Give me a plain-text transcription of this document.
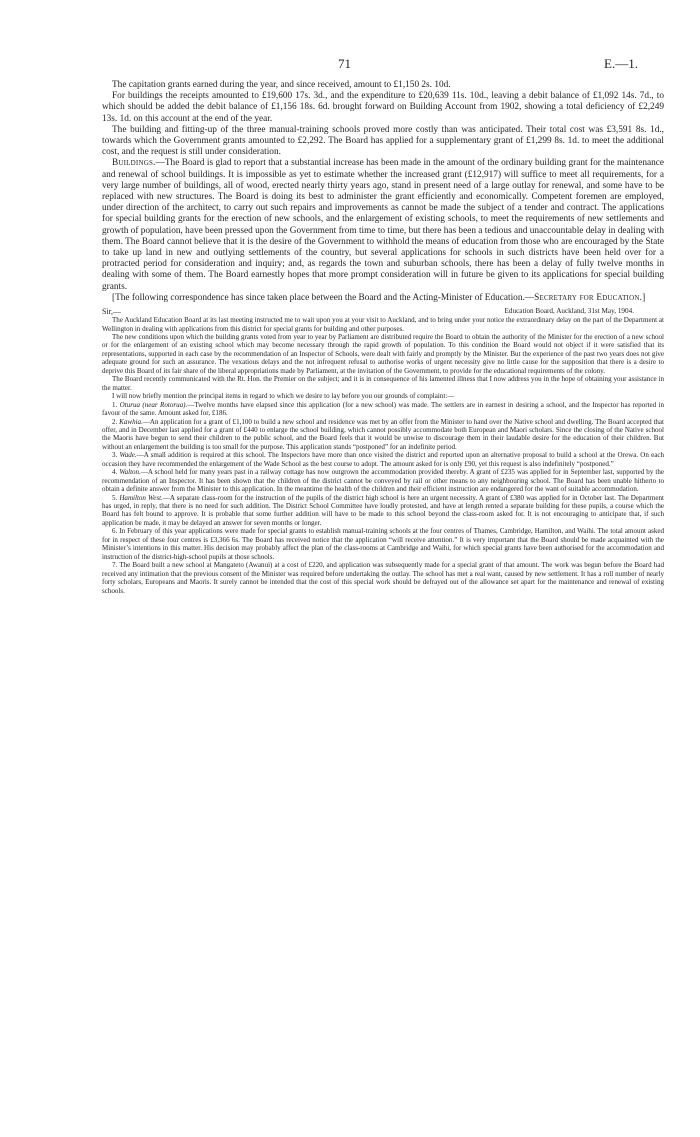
71	E.—1.

The capitation grants earned during the year, and since received, amount to £1,150 2s. 10d.

For buildings the receipts amounted to £19,600 17s. 3d., and the expenditure to £20,639 11s. 10d., leaving a debit balance of £1,092 14s. 7d., to which should be added the debit balance of £1,156 18s. 6d. brought forward on Building Account from 1902, showing a total deficiency of £2,249 13s. 1d. on this account at the end of the year.

The building and fitting-up of the three manual-training schools proved more costly than was anticipated. Their total cost was £3,591 8s. 1d., towards which the Government grants amounted to £2,292. The Board has applied for a supplementary grant of £1,299 8s. 1d. to meet the additional cost, and the request is still under consideration.

Buildings.—The Board is glad to report that a substantial increase has been made in the amount of the ordinary building grant for the maintenance and renewal of school buildings. It is impossible as yet to estimate whether the increased grant (£12,917) will suffice to meet all requirements, for a very large number of buildings, all of wood, erected nearly thirty years ago, stand in present need of a large outlay for renewal, and some have to be replaced with new structures. The Board is doing its best to administer the grant efficiently and economically. Competent foremen are employed, under direction of the architect, to carry out such repairs and improvements as cannot be made the subject of a tender and contract. The applications for special building grants for the erection of new schools, and the enlargement of existing schools, to meet the requirements of new settlements and growth of population, have been pressed upon the Government from time to time, but there has been a tedious and unaccountable delay in dealing with them. The Board cannot believe that it is the desire of the Government to withhold the means of education from those who are encouraged by the State to take up land in new and outlying settlements of the country, but several applications for schools in such districts have been held over for a protracted period for consideration and inquiry; and, as regards the town and suburban schools, there has been a delay of fully twelve months in dealing with some of them. The Board earnestly hopes that more prompt consideration will in future be given to its applications for special building grants.

[The following correspondence has since taken place between the Board and the Acting-Minister of Education.—Secretary for Education.]

Sir,—	Education Board, Auckland, 31st May, 1904.

The Auckland Education Board at its last meeting instructed me to wait upon you at your visit to Auckland, and to bring under your notice the extraordinary delay on the part of the Department at Wellington in dealing with applications from this district for special grants for building and other purposes.

The new conditions upon which the building grants voted from year to year by Parliament are distributed require the Board to obtain the authority of the Minister for the erection of a new school or for the enlargement of an existing school which may become necessary through the rapid growth of population. To this condition the Board would not object if it were satisfied that its representations, supported in each case by the recommendation of an Inspector of Schools, were dealt with fairly and promptly by the Minister. But the experience of the past two years does not give adequate ground for such an assurance. The vexatious delays and the not infrequent refusal to authorise works of urgent necessity give no little cause for the supposition that there is a desire to deprive this Board of its fair share of the liberal appropriations made by Parliament, at the invitation of the Government, to provide for the educational requirements of the colony.

The Board recently communicated with the Rt. Hon. the Premier on the subject; and it is in consequence of his lamented illness that I now address you in the hope of obtaining your assistance in the matter.

I will now briefly mention the principal items in regard to which we desire to lay before you our grounds of complaint:—

1. Oturua (near Rotorua).—Twelve months have elapsed since this application (for a new school) was made. The settlers are in earnest in desiring a school, and the Inspector has reported in favour of the same. Amount asked for, £186.

2. Kawhia.—An application for a grant of £1,100 to build a new school and residence was met by an offer from the Minister to hand over the Native school and dwelling. The Board accepted that offer, and in December last applied for a grant of £440 to enlarge the school building, which cannot possibly accommodate both European and Maori scholars. Since the closing of the Native school the Maoris have begun to send their children to the public school, and the Board feels that it would be unwise to discourage them in their laudable desire for the education of their children. But without an enlargement the building is too small for the purpose. This application stands “postponed” for an indefinite period.

3. Wade.—A small addition is required at this school. The Inspectors have more than once visited the district and reported upon an alternative proposal to build a school at the Orewa. On each occasion they have recommended the enlargement of the Wade School as the best course to adopt. The amount asked for is only £90, yet this request is also indefinitely “postponed.”

4. Walton.—A school held for many years past in a railway cottage has now outgrown the accommodation provided thereby. A grant of £235 was applied for in September last, supported by the recommendation of an Inspector. It has been shown that the children of the district cannot be conveyed by rail or other means to any neighbouring school. The Board has been unable hitherto to obtain a definite answer from the Minister to this application. In the meantime the health of the children and their efficient instruction are endangered for the want of suitable accommodation.

5. Hamilton West.—A separate class-room for the instruction of the pupils of the district high school is here an urgent necessity. A grant of £380 was applied for in October last. The Department has urged, in reply, that there is no need for such addition. The District School Committee have loudly protested, and have at length rented a separate building for these pupils, a course which the Board has felt bound to approve. It is probable that some further addition will have to be made to this school beyond the class-room asked for. It is not encouraging to anticipate that, if such application be made, it may be delayed an answer for seven months or longer.

6. In February of this year applications were made for special grants to establish manual-training schools at the four centres of Thames, Cambridge, Hamilton, and Waihi. The total amount asked for in respect of these four centres is £3,366 6s. The Board has received notice that the application “will receive attention.” It is very important that the Board should be made acquainted with the Minister’s intentions in this matter. His decision may probably affect the plan of the class-rooms at Cambridge and Waihi, for which special grants have been authorised for the accommodation and instruction of the district-high-school pupils at those schools.

7. The Board built a new school at Mangateto (Awanui) at a cost of £220, and application was subsequently made for a special grant of that amount. The work was begun before the Board had received any intimation that the previous consent of the Minister was required before undertaking the outlay. The school has met a real want, caused by new settlement. It has a roll number of nearly forty scholars, Europeans and Maoris. It surely cannot be intended that the cost of this special work should be defrayed out of the allowance set apart for the maintenance and renewal of existing schools.
